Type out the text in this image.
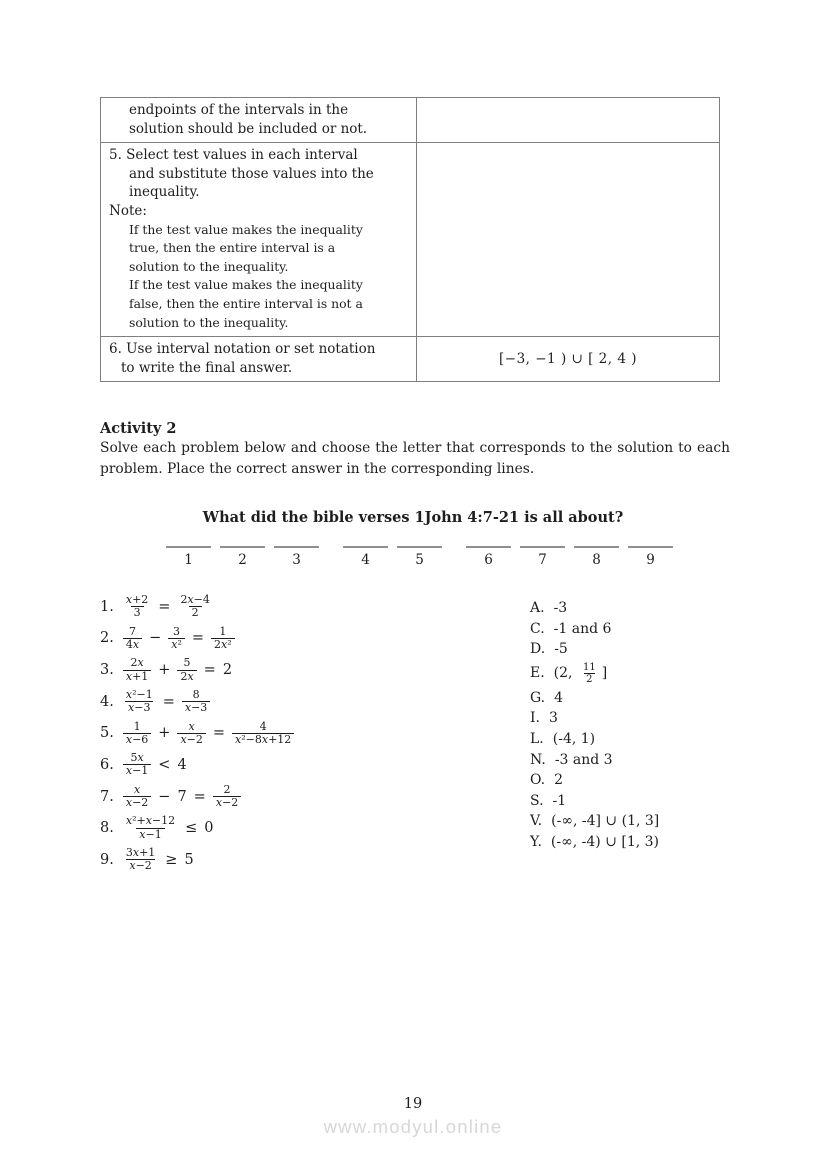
endpoints of the intervals in the
solution should be included or not.	

5. Select test values in each interval
and substitute those values into the
inequality.
Note:
If the test value makes the inequality
true, then the entire interval is a
solution to the inequality.
If the test value makes the inequality
false, then the entire interval is not a
solution to the inequality.

6. Use interval notation or set notation
to write the final answer.	[−3, −1 ) ∪ [ 2, 4 )
Activity 2
Solve each problem below and choose the letter that corresponds to the solution to each problem. Place the correct answer in the corresponding lines.
What did the bible verses 1John 4:7-21 is all about?
1	2	3	4	5	6	7	8	9
1. $\frac{x+2}{3} = \frac{2x-4}{2}$
2. $\frac{7}{4x} - \frac{3}{\text{x²}} = \frac{1}{\text{2x²}}$
3. $\frac{2x}{x+1} + \frac{5}{2x} = 2$
4. $\frac{\text{x²−1}}{x-3} = \frac{8}{x-3}$
5. $\frac{1}{x-6} + \frac{x}{x-2} = \frac{4}{\text{x²−8x+12}}$
6. $\frac{5x}{x-1} < 4$
7. $\frac{x}{x-2} - 7 = \frac{2}{x-2}$
8. $\frac{\text{x²+x−12}}{x-1} \le 0$
9. $\frac{3x+1}{x-2} \ge 5$
A. -3
C. -1 and 6
D. -5
E. (2, $\frac{11}{2}$ ]
G. 4
I. 3
L. (-4, 1)
N. -3 and 3
O. 2
S. -1
V. (-∞, -4] ∪ (1, 3]
Y. (-∞, -4) ∪ [1, 3)
19
www.modyul.online
